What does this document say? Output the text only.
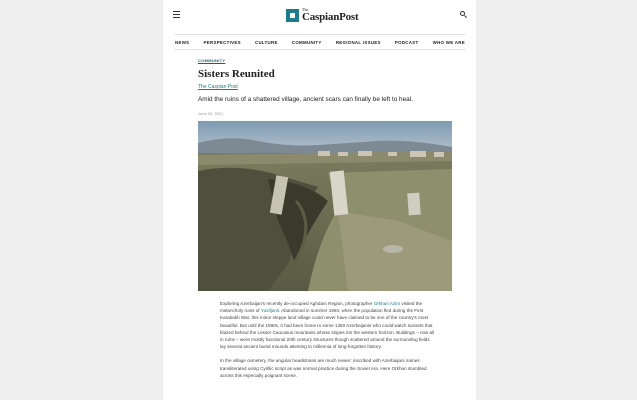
The
CaspianPost
NEWS	PERSPECTIVES	CULTURE	COMMUNITY	REGIONAL ISSUES	PODCAST	WHO WE ARE
COMMUNITY
Sisters Reunited
The Caspian Post
Amid the ruins of a shattered village, ancient scars can finally be left to heal.
June 00, 2021

Exploring Azerbaijan's recently de-occupied Aghdam Region, photographer Orkhan Azim visited the melancholy ruins of Yusifjanli. Abandoned in summer 1993, when the population fled during the First Karabakh War, this minor steppe land village could never have claimed to be one of the country's most beautiful. But until the 1990s, it had been home to some 1350 Azerbaijanis who could watch sunsets that blazed behind the Lesser Caucasus mountains whose slopes rim the western horizon. Buildings – now all in ruins – were mostly functional 20th century structures though scattered around the surrounding fields lay several ancient burial mounds attesting to millennia of long-forgotten history.

In the village cemetery, the angular headstones are much newer: inscribed with Azerbaijani names transliterated using Cyrillic script as was normal practice during the Soviet era. Here Orkhan stumbled across this especially poignant scene.
